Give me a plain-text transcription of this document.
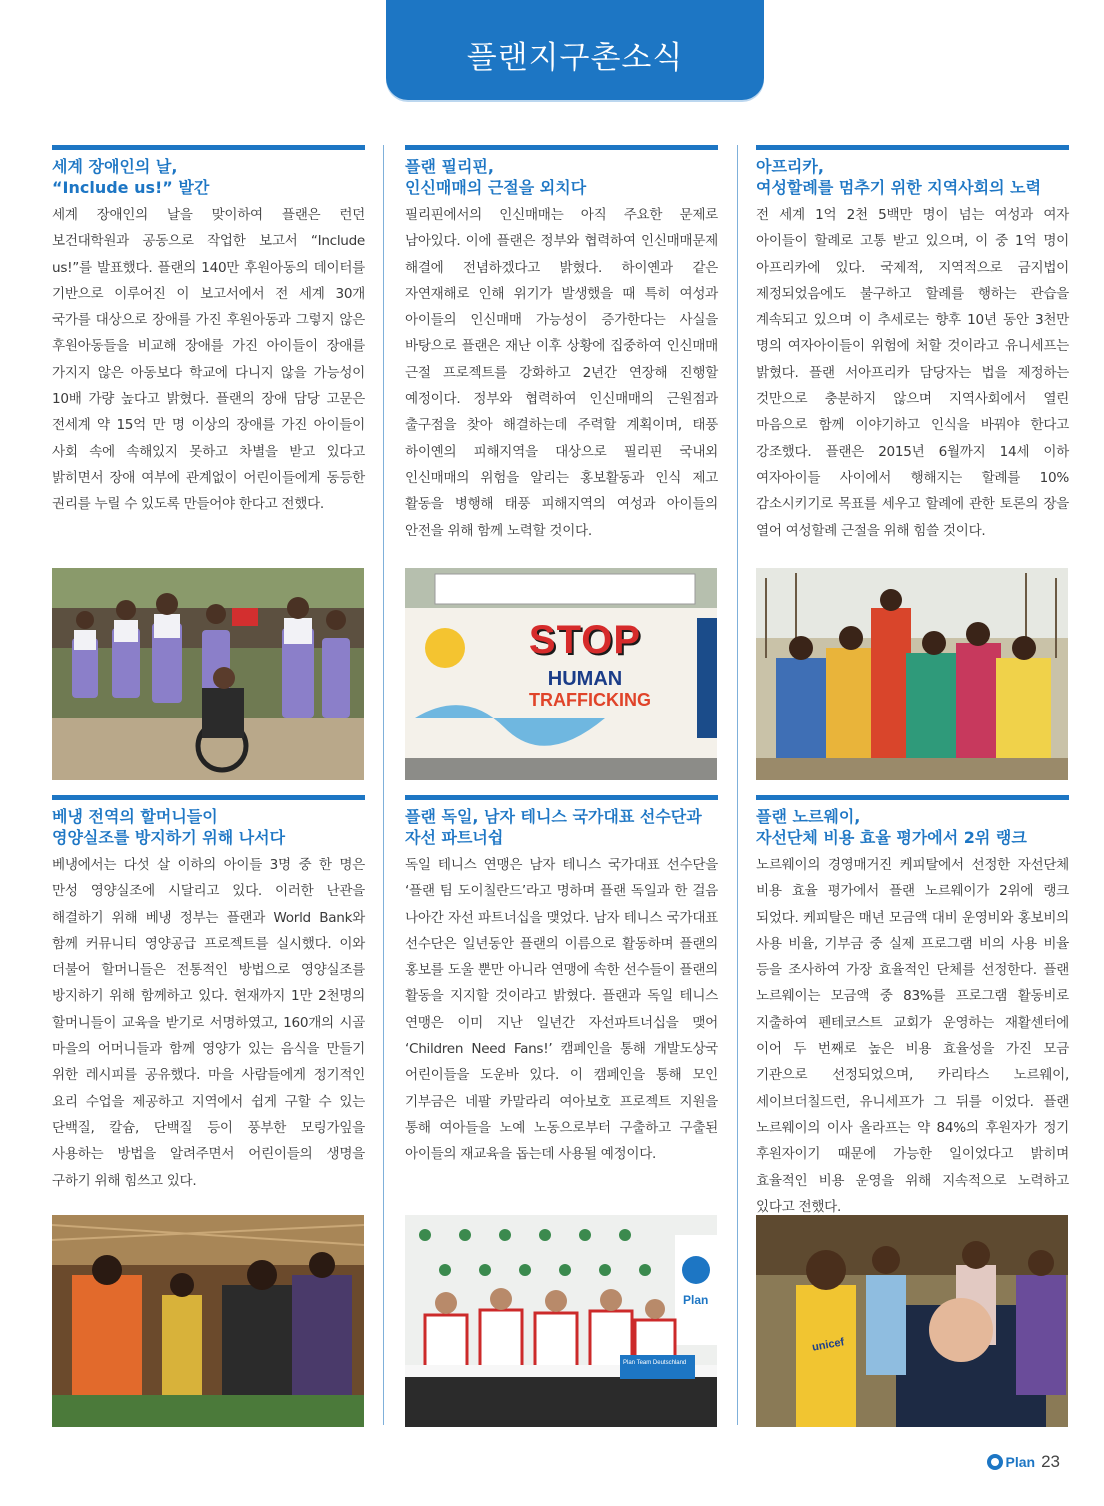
플랜지구촌소식
세계 장애인의 날,
“Include us!” 발간

세계 장애인의 날을 맞이하여 플랜은 런던 보건대학원과 공동으로 작업한 보고서 “Include us!”를 발표했다. 플랜의 140만 후원아동의 데이터를 기반으로 이루어진 이 보고서에서 전 세계 30개 국가를 대상으로 장애를 가진 후원아동과 그렇지 않은 후원아동들을 비교해 장애를 가진 아이들이 장애를 가지지 않은 아동보다 학교에 다니지 않을 가능성이 10배 가량 높다고 밝혔다. 플랜의 장애 담당 고문은 전세계 약 15억 만 명 이상의 장애를 가진 아이들이 사회 속에 속해있지 못하고 차별을 받고 있다고 밝히면서 장애 여부에 관계없이 어린이들에게 동등한 권리를 누릴 수 있도록 만들어야 한다고 전했다.

플랜 필리핀,
인신매매의 근절을 외치다

필리핀에서의 인신매매는 아직 주요한 문제로 남아있다. 이에 플랜은 정부와 협력하여 인신매매문제 해결에 전념하겠다고 밝혔다. 하이옌과 같은 자연재해로 인해 위기가 발생했을 때 특히 여성과 아이들의 인신매매 가능성이 증가한다는 사실을 바탕으로 플랜은 재난 이후 상황에 집중하여 인신매매 근절 프로젝트를 강화하고 2년간 연장해 진행할 예정이다. 정부와 협력하여 인신매매의 근원점과 출구점을 찾아 해결하는데 주력할 계획이며, 태풍 하이옌의 피해지역을 대상으로 필리핀 국내외 인신매매의 위험을 알리는 홍보활동과 인식 제고 활동을 병행해 태풍 피해지역의 여성과 아이들의 안전을 위해 함께 노력할 것이다.

아프리카,
여성할례를 멈추기 위한 지역사회의 노력

전 세계 1억 2천 5백만 명이 넘는 여성과 여자 아이들이 할례로 고통 받고 있으며, 이 중 1억 명이 아프리카에 있다. 국제적, 지역적으로 금지법이 제정되었음에도 불구하고 할례를 행하는 관습을 계속되고 있으며 이 추세로는 향후 10년 동안 3천만 명의 여자아이들이 위험에 처할 것이라고 유니세프는 밝혔다. 플랜 서아프리카 담당자는 법을 제정하는 것만으로 충분하지 않으며 지역사회에서 열린 마음으로 함께 이야기하고 인식을 바꿔야 한다고 강조했다. 플랜은 2015년 6월까지 14세 이하 여자아이들 사이에서 행해지는 할례를 10% 감소시키기로 목표를 세우고 할례에 관한 토론의 장을 열어 여성할례 근절을 위해 힘쓸 것이다.

STOP
HUMAN
TRAFFICKING
베냉 전역의 할머니들이
영양실조를 방지하기 위해 나서다

베냉에서는 다섯 살 이하의 아이들 3명 중 한 명은 만성 영양실조에 시달리고 있다. 이러한 난관을 해결하기 위해 베냉 정부는 플랜과 World Bank와 함께 커뮤니티 영양공급 프로젝트를 실시했다. 이와 더불어 할머니들은 전통적인 방법으로 영양실조를 방지하기 위해 함께하고 있다. 현재까지 1만 2천명의 할머니들이 교육을 받기로 서명하였고, 160개의 시골 마을의 어머니들과 함께 영양가 있는 음식을 만들기 위한 레시피를 공유했다. 마을 사람들에게 정기적인 요리 수업을 제공하고 지역에서 쉽게 구할 수 있는 단백질, 칼슘, 단백질 등이 풍부한 모링가잎을 사용하는 방법을 알려주면서 어린이들의 생명을 구하기 위해 힘쓰고 있다.

플랜 독일, 남자 테니스 국가대표 선수단과
자선 파트너쉽

독일 테니스 연맹은 남자 테니스 국가대표 선수단을 ‘플랜 팀 도이칠란드’라고 명하며 플랜 독일과 한 걸음 나아간 자선 파트너십을 맺었다. 남자 테니스 국가대표 선수단은 일년동안 플랜의 이름으로 활동하며 플랜의 홍보를 도울 뿐만 아니라 연맹에 속한 선수들이 플랜의 활동을 지지할 것이라고 밝혔다. 플랜과 독일 테니스 연맹은 이미 지난 일년간 자선파트너십을 맺어 ‘Children Need Fans!’ 캠페인을 통해 개발도상국 어린이들을 도운바 있다. 이 캠페인을 통해 모인 기부금은 네팔 카말라리 여아보호 프로젝트 지원을 통해 여아들을 노예 노동으로부터 구출하고 구출된 아이들의 재교육을 돕는데 사용될 예정이다.

플랜 노르웨이,
자선단체 비용 효율 평가에서 2위 랭크

노르웨이의 경영매거진 케피탈에서 선정한 자선단체 비용 효율 평가에서 플랜 노르웨이가 2위에 랭크 되었다. 케피탈은 매년 모금액 대비 운영비와 홍보비의 사용 비율, 기부금 중 실제 프로그램 비의 사용 비율 등을 조사하여 가장 효율적인 단체를 선정한다. 플랜 노르웨이는 모금액 중 83%를 프로그램 활동비로 지출하여 펜테코스트 교회가 운영하는 재활센터에 이어 두 번째로 높은 비용 효율성을 가진 모금 기관으로 선정되었으며, 카리타스 노르웨이, 세이브더칠드런, 유니세프가 그 뒤를 이었다. 플랜 노르웨이의 이사 올라프는 약 84%의 후원자가 정기 후원자이기 때문에 가능한 일이었다고 밝히며 효율적인 비용 운영을 위해 지속적으로 노력하고 있다고 전했다.

Plan
Plan Team Deutschland
unicef
Plan 23
